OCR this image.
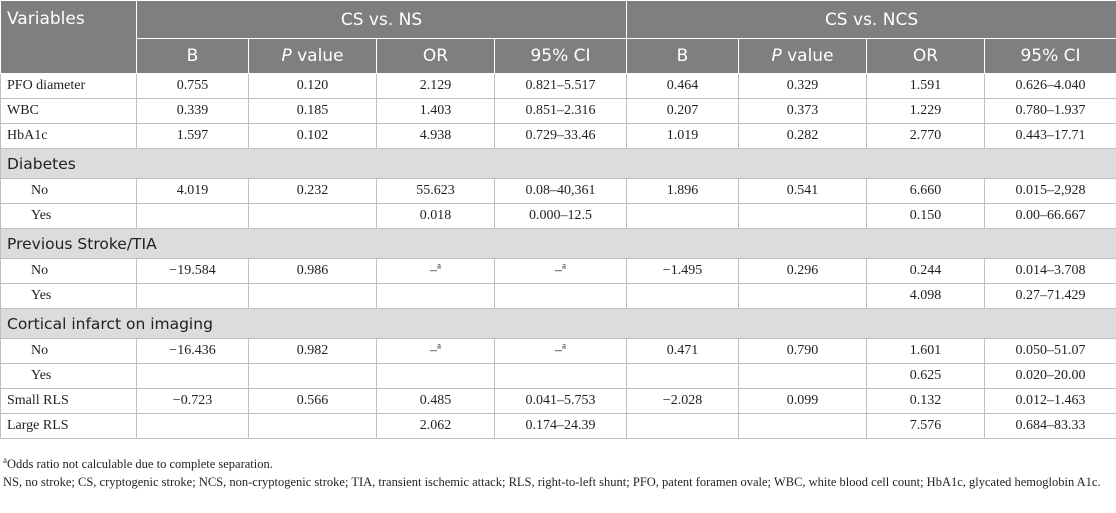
Variables	CS vs. NS				CS vs. NCS			
	B	P value	OR	95% CI	B	P value	OR	95% CI
PFO diameter	0.755	0.120	2.129	0.821–5.517	0.464	0.329	1.591	0.626–4.040
WBC	0.339	0.185	1.403	0.851–2.316	0.207	0.373	1.229	0.780–1.937
HbA1c	1.597	0.102	4.938	0.729–33.46	1.019	0.282	2.770	0.443–17.71
Diabetes								
No	4.019	0.232	55.623	0.08–40,361	1.896	0.541	6.660	0.015–2,928
Yes			0.018	0.000–12.5			0.150	0.00–66.667
Previous Stroke/TIA								
No	−19.584	0.986	–$^a$	–$^a$	−1.495	0.296	0.244	0.014–3.708
Yes							4.098	0.27–71.429
Cortical infarct on imaging								
No	−16.436	0.982	–$^a$	–$^a$	0.471	0.790	1.601	0.050–51.07
Yes							0.625	0.020–20.00
Small RLS	−0.723	0.566	0.485	0.041–5.753	−2.028	0.099	0.132	0.012–1.463
Large RLS			2.062	0.174–24.39			7.576	0.684–83.33

$^a$Odds ratio not calculable due to complete separation.

NS, no stroke; CS, cryptogenic stroke; NCS, non-cryptogenic stroke; TIA, transient ischemic attack; RLS, right-to-left shunt; PFO, patent foramen ovale; WBC, white blood cell count; HbA1c, glycated hemoglobin A1c.
